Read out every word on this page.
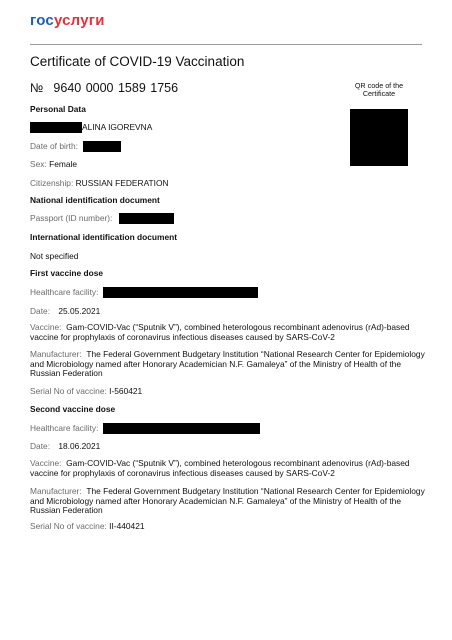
госуслуги
Certificate of COVID-19 Vaccination
№ 9640 0000 1589 1756	QR code of the Certificate
Personal Data
ALINA IGOREVNA
Date of birth:
Sex: Female
Citizenship: RUSSIAN FEDERATION
National identification document
Passport (ID number):
International identification document
Not specified
First vaccine dose
Healthcare facility:
Date: 25.05.2021
Vaccine: Gam-COVID-Vac (“Sputnik V”), combined heterologous recombinant adenovirus (rAd)-based vaccine for prophylaxis of coronavirus infectious diseases caused by SARS-CoV-2
Manufacturer: The Federal Government Budgetary Institution “National Research Center for Epidemiology and Microbiology named after Honorary Academician N.F. Gamaleya” of the Ministry of Health of the Russian Federation
Serial No of vaccine: I-560421
Second vaccine dose
Healthcare facility:
Date: 18.06.2021
Vaccine: Gam-COVID-Vac (“Sputnik V”), combined heterologous recombinant adenovirus (rAd)-based vaccine for prophylaxis of coronavirus infectious diseases caused by SARS-CoV-2
Manufacturer: The Federal Government Budgetary Institution “National Research Center for Epidemiology and Microbiology named after Honorary Academician N.F. Gamaleya” of the Ministry of Health of the Russian Federation
Serial No of vaccine: II-440421
